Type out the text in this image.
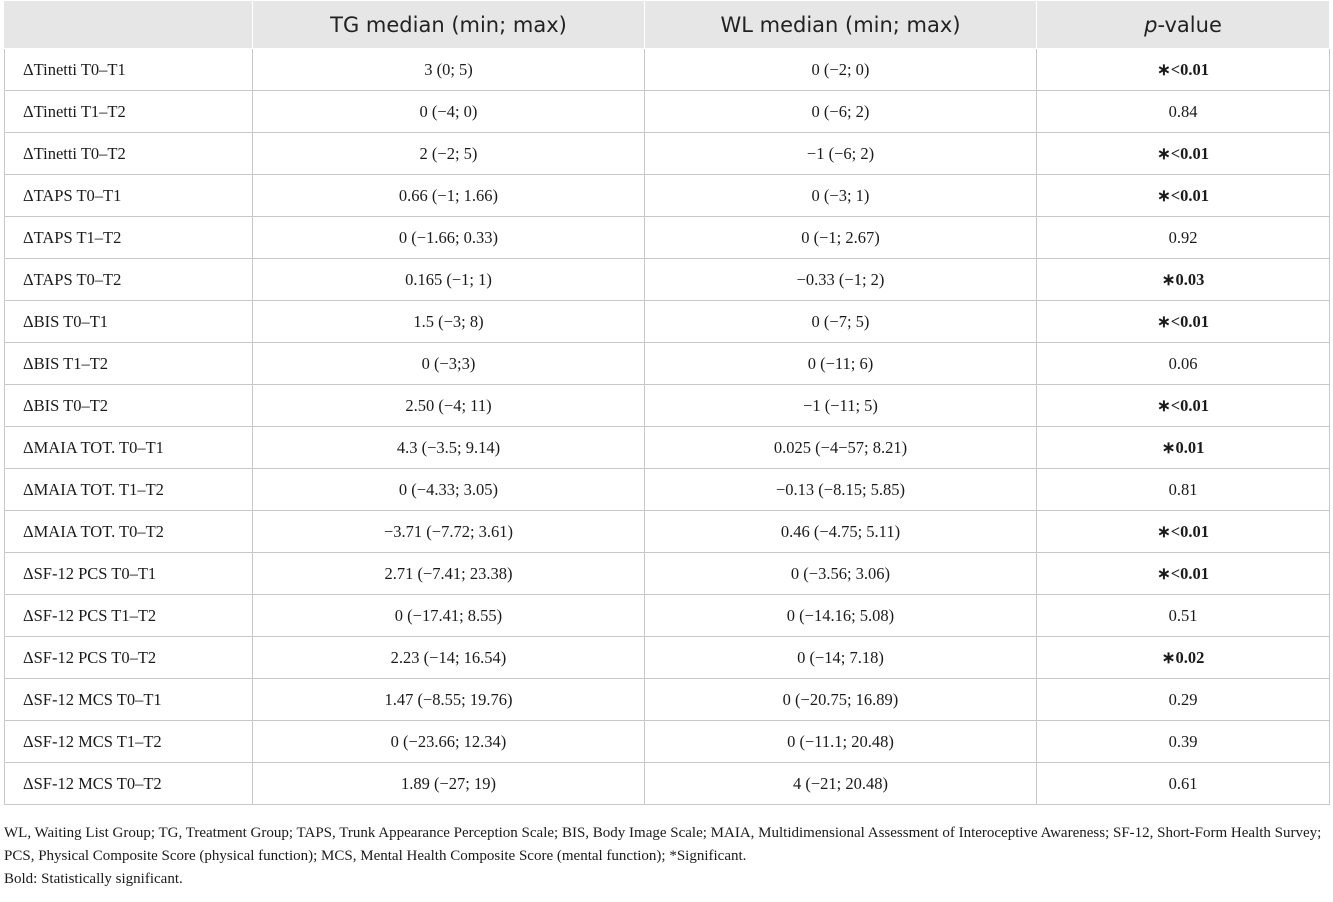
	TG median (min; max)	WL median (min; max)	p-value
ΔTinetti T0–T1	3 (0; 5)	0 (−2; 0)	∗<0.01
ΔTinetti T1–T2	0 (−4; 0)	0 (−6; 2)	0.84
ΔTinetti T0–T2	2 (−2; 5)	−1 (−6; 2)	∗<0.01
ΔTAPS T0–T1	0.66 (−1; 1.66)	0 (−3; 1)	∗<0.01
ΔTAPS T1–T2	0 (−1.66; 0.33)	0 (−1; 2.67)	0.92
ΔTAPS T0–T2	0.165 (−1; 1)	−0.33 (−1; 2)	∗0.03
ΔBIS T0–T1	1.5 (−3; 8)	0 (−7; 5)	∗<0.01
ΔBIS T1–T2	0 (−3;3)	0 (−11; 6)	0.06
ΔBIS T0–T2	2.50 (−4; 11)	−1 (−11; 5)	∗<0.01
ΔMAIA TOT. T0–T1	4.3 (−3.5; 9.14)	0.025 (−4−57; 8.21)	∗0.01
ΔMAIA TOT. T1–T2	0 (−4.33; 3.05)	−0.13 (−8.15; 5.85)	0.81
ΔMAIA TOT. T0–T2	−3.71 (−7.72; 3.61)	0.46 (−4.75; 5.11)	∗<0.01
ΔSF-12 PCS T0–T1	2.71 (−7.41; 23.38)	0 (−3.56; 3.06)	∗<0.01
ΔSF-12 PCS T1–T2	0 (−17.41; 8.55)	0 (−14.16; 5.08)	0.51
ΔSF-12 PCS T0–T2	2.23 (−14; 16.54)	0 (−14; 7.18)	∗0.02
ΔSF-12 MCS T0–T1	1.47 (−8.55; 19.76)	0 (−20.75; 16.89)	0.29
ΔSF-12 MCS T1–T2	0 (−23.66; 12.34)	0 (−11.1; 20.48)	0.39
ΔSF-12 MCS T0–T2	1.89 (−27; 19)	4 (−21; 20.48)	0.61

WL, Waiting List Group; TG, Treatment Group; TAPS, Trunk Appearance Perception Scale; BIS, Body Image Scale; MAIA, Multidimensional Assessment of Interoceptive Awareness; SF-12, Short-Form Health Survey; PCS, Physical Composite Score (physical function); MCS, Mental Health Composite Score (mental function); *Significant.

Bold: Statistically significant.
